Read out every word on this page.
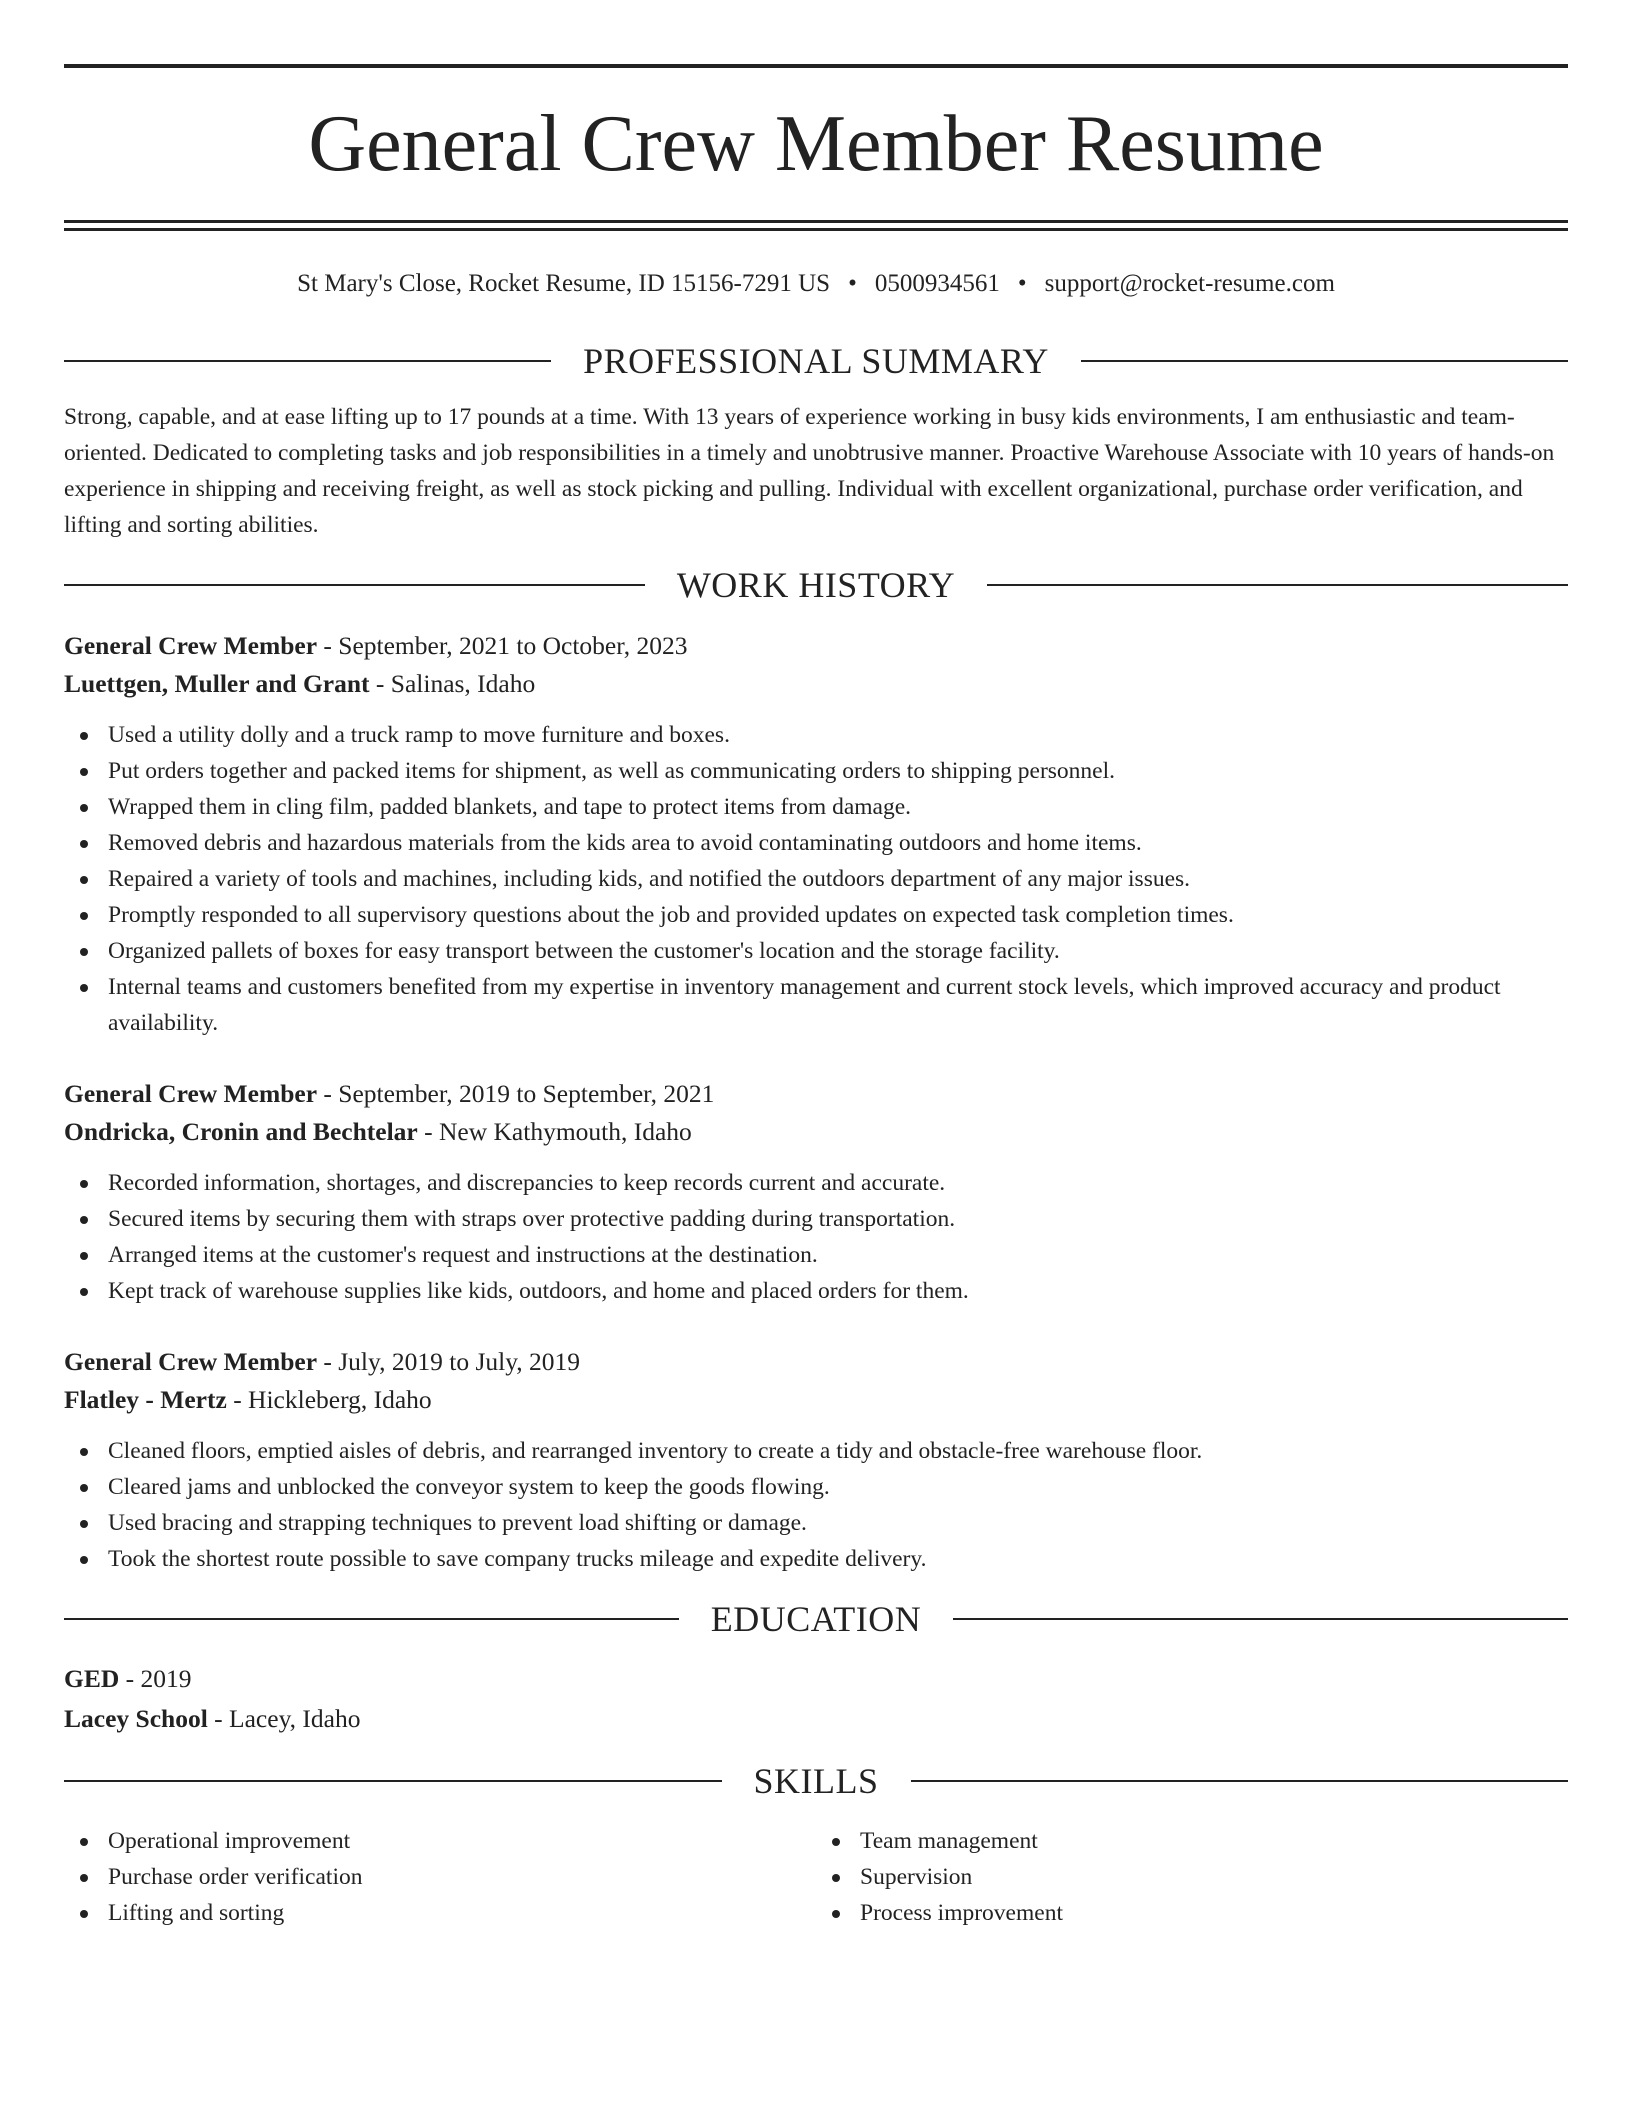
General Crew Member Resume
St Mary's Close, Rocket Resume, ID 15156-7291 US • 0500934561 • support@rocket-resume.com
PROFESSIONAL SUMMARY

Strong, capable, and at ease lifting up to 17 pounds at a time. With 13 years of experience working in busy kids environments, I am enthusiastic and team-oriented. Dedicated to completing tasks and job responsibilities in a timely and unobtrusive manner. Proactive Warehouse Associate with 10 years of hands-on experience in shipping and receiving freight, as well as stock picking and pulling. Individual with excellent organizational, purchase order verification, and lifting and sorting abilities.

WORK HISTORY
General Crew Member - September, 2021 to October, 2023
Luettgen, Muller and Grant - Salinas, Idaho
Used a utility dolly and a truck ramp to move furniture and boxes.
Put orders together and packed items for shipment, as well as communicating orders to shipping personnel.
Wrapped them in cling film, padded blankets, and tape to protect items from damage.
Removed debris and hazardous materials from the kids area to avoid contaminating outdoors and home items.
Repaired a variety of tools and machines, including kids, and notified the outdoors department of any major issues.
Promptly responded to all supervisory questions about the job and provided updates on expected task completion times.
Organized pallets of boxes for easy transport between the customer's location and the storage facility.
Internal teams and customers benefited from my expertise in inventory management and current stock levels, which improved accuracy and product availability.
General Crew Member - September, 2019 to September, 2021
Ondricka, Cronin and Bechtelar - New Kathymouth, Idaho
Recorded information, shortages, and discrepancies to keep records current and accurate.
Secured items by securing them with straps over protective padding during transportation.
Arranged items at the customer's request and instructions at the destination.
Kept track of warehouse supplies like kids, outdoors, and home and placed orders for them.
General Crew Member - July, 2019 to July, 2019
Flatley - Mertz - Hickleberg, Idaho
Cleaned floors, emptied aisles of debris, and rearranged inventory to create a tidy and obstacle-free warehouse floor.
Cleared jams and unblocked the conveyor system to keep the goods flowing.
Used bracing and strapping techniques to prevent load shifting or damage.
Took the shortest route possible to save company trucks mileage and expedite delivery.
EDUCATION
GED - 2019
Lacey School - Lacey, Idaho
SKILLS
Operational improvement
Purchase order verification
Lifting and sorting
Team management
Supervision
Process improvement
